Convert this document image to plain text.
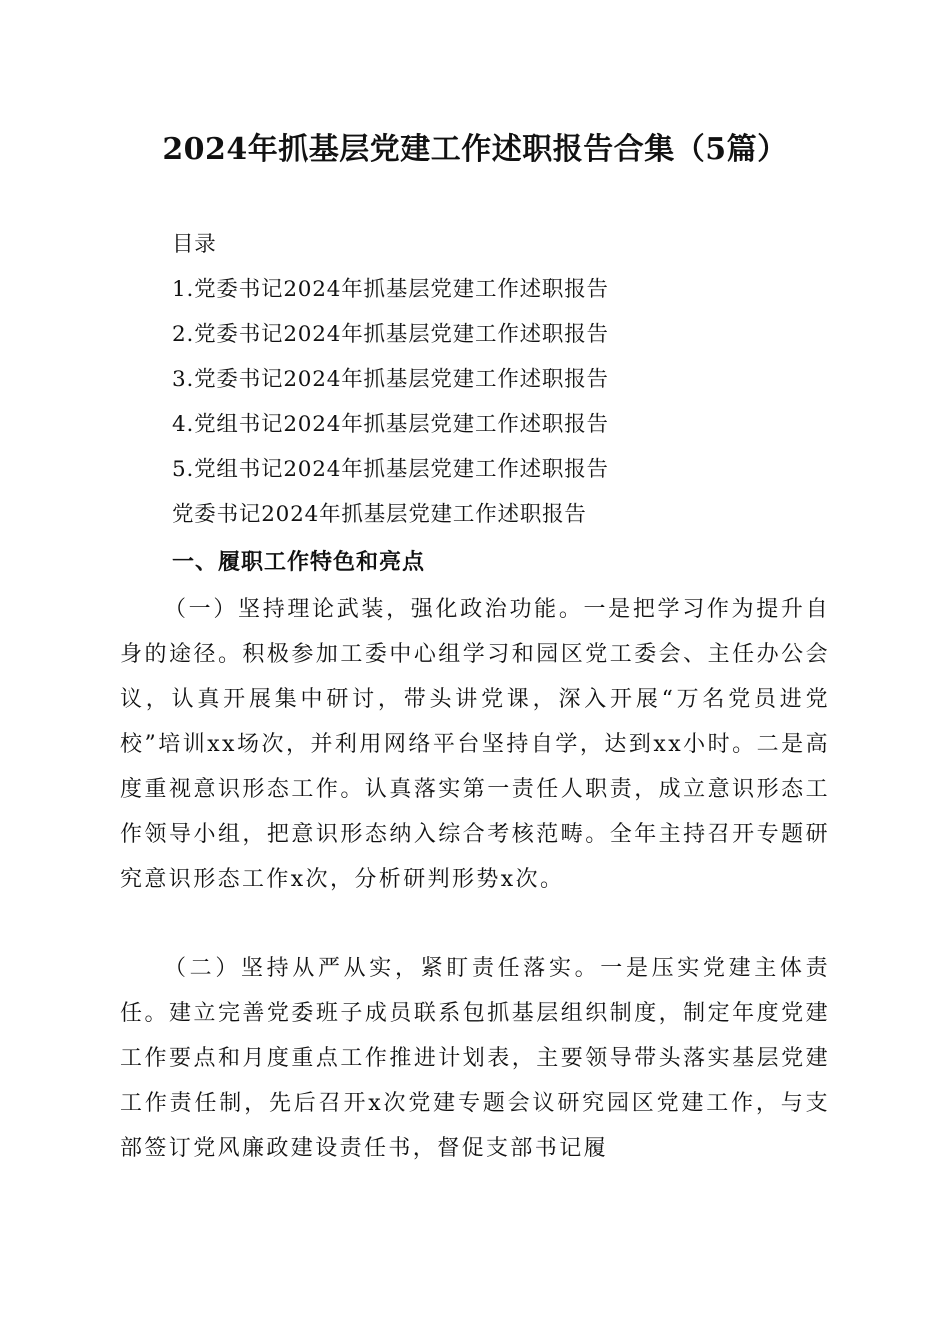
2024年抓基层党建工作述职报告合集（5篇）
目录
1.党委书记2024年抓基层党建工作述职报告
2.党委书记2024年抓基层党建工作述职报告
3.党委书记2024年抓基层党建工作述职报告
4.党组书记2024年抓基层党建工作述职报告
5.党组书记2024年抓基层党建工作述职报告
党委书记2024年抓基层党建工作述职报告
一、履职工作特色和亮点
（一）坚持理论武装，强化政治功能。一是把学习作为提升自身的途径。积极参加工委中心组学习和园区党工委会、主任办公会议，认真开展集中研讨，带头讲党课，深入开展“万名党员进党校”培训xx场次，并利用网络平台坚持自学，达到xx小时。二是高度重视意识形态工作。认真落实第一责任人职责，成立意识形态工作领导小组，把意识形态纳入综合考核范畴。全年主持召开专题研究意识形态工作x次，分析研判形势x次。
（二）坚持从严从实，紧盯责任落实。一是压实党建主体责任。建立完善党委班子成员联系包抓基层组织制度，制定年度党建工作要点和月度重点工作推进计划表，主要领导带头落实基层党建工作责任制，先后召开x次党建专题会议研究园区党建工作，与支部签订党风廉政建设责任书，督促支部书记履
